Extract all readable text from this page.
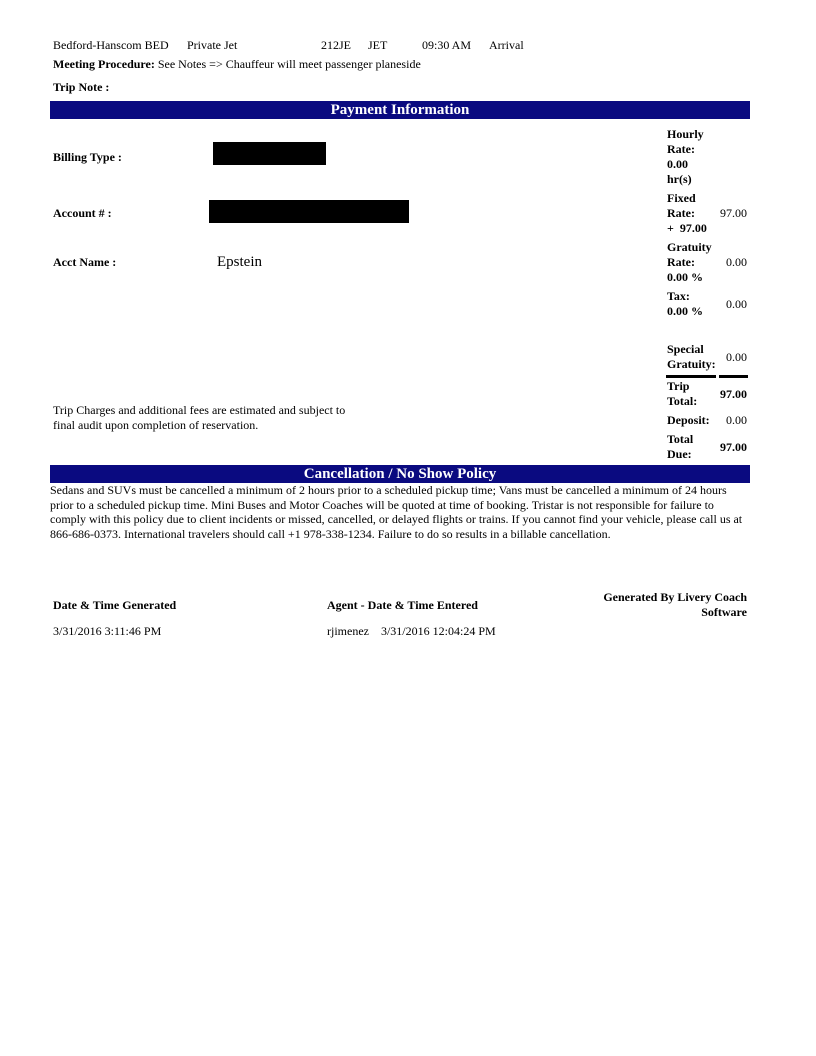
Bedford-Hanscom BED Private Jet	212JE JET	09:30 AM Arrival
Meeting Procedure: See Notes => Chauffeur will meet passenger planeside
Trip Note :
Payment Information
Billing Type :
Account # :
Acct Name :	Epstein
Trip Charges and additional fees are estimated and subject to
final audit upon completion of reservation.
Hourly
Rate:
0.00
hr(s)
Fixed
Rate:
+  97.00
97.00
Gratuity
Rate:
0.00 %
0.00
Tax:
0.00 % 0.00
Special
Gratuity: 0.00
Trip
Total: 97.00
Deposit: 0.00
Total
Due: 97.00
Cancellation / No Show Policy
Sedans and SUVs must be cancelled a minimum of 2 hours prior to a scheduled pickup time; Vans must be cancelled a minimum of 24 hours
prior to a scheduled pickup time. Mini Buses and Motor Coaches will be quoted at time of booking. Tristar is not responsible for failure to
comply with this policy due to client incidents or missed, cancelled, or delayed flights or trains. If you cannot find your vehicle, please call us at
866-686-0373. International travelers should call +1 978-338-1234. Failure to do so results in a billable cancellation.
Date & Time Generated
3/31/2016 3:11:46 PM
Agent - Date & Time Entered
rjimenez    3/31/2016 12:04:24 PM
Generated By Livery Coach
Software
